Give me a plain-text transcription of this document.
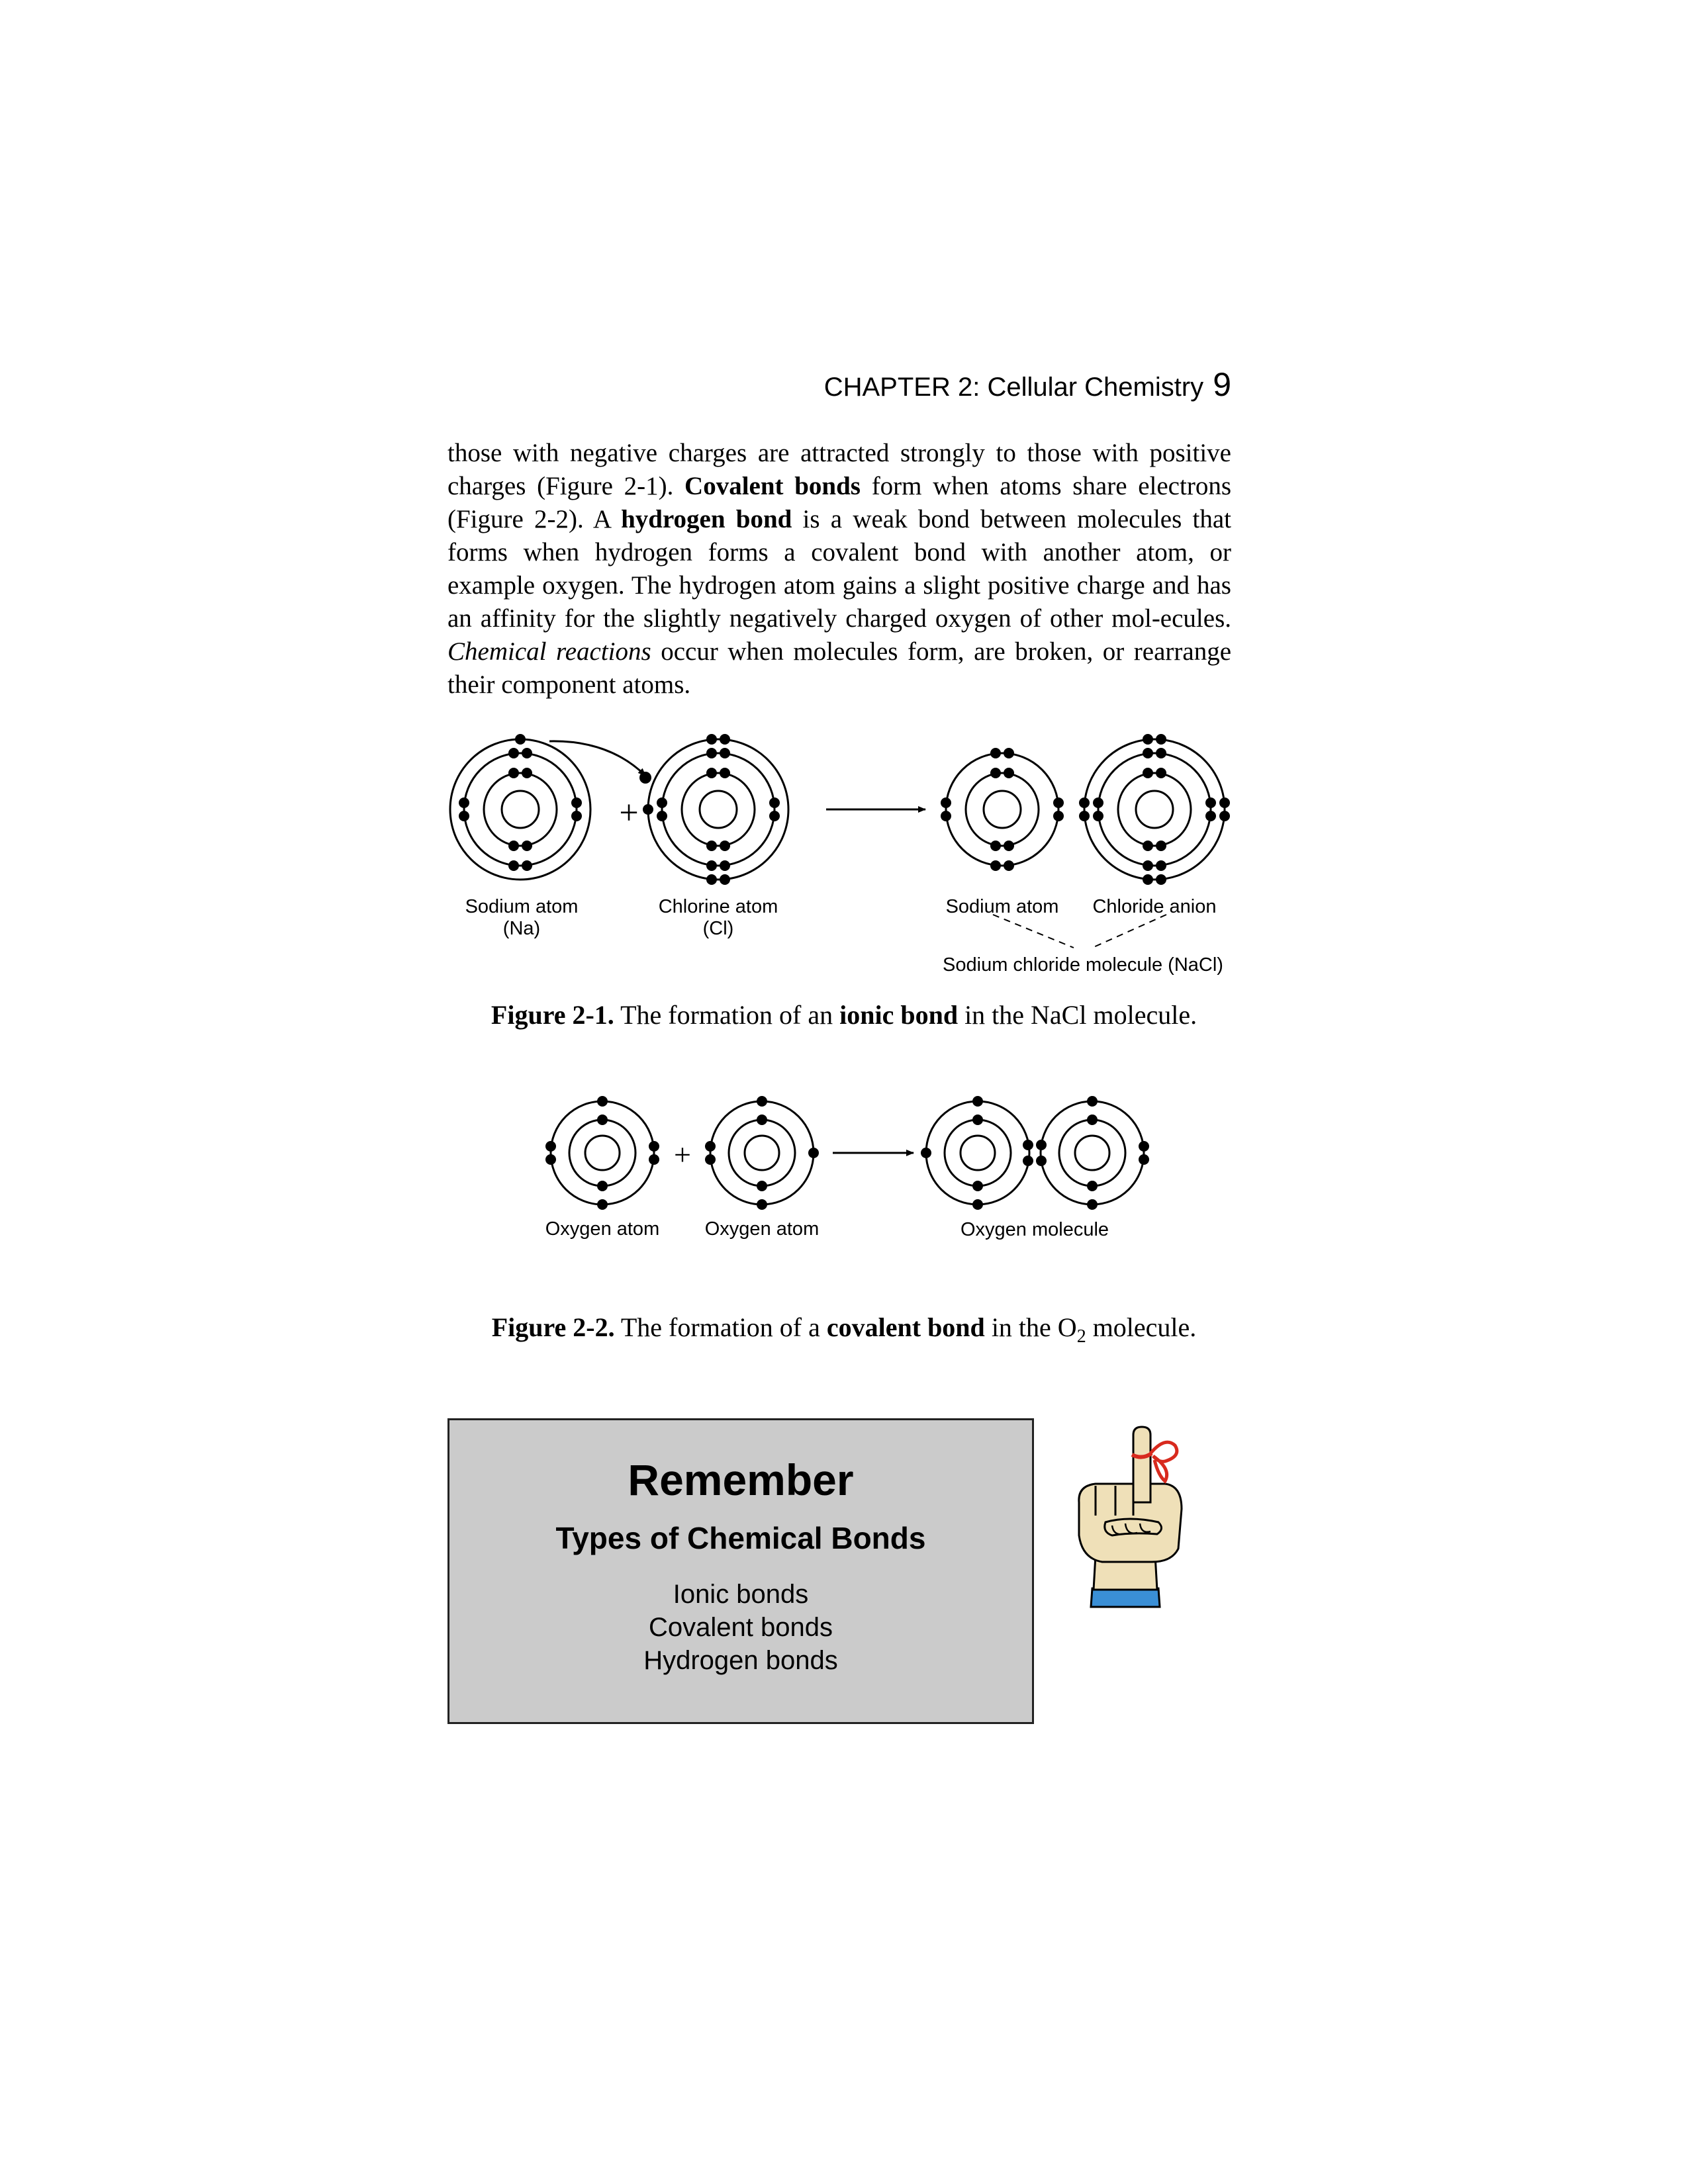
CHAPTER 2: Cellular Chemistry 9

those with negative charges are attracted strongly to those with positive charges (Figure 2-1). Covalent bonds form when atoms share electrons (Figure 2-2). A hydrogen bond is a weak bond between molecules that forms when hydrogen forms a covalent bond with another atom, or example oxygen. The hydrogen atom gains a slight positive charge and has an affinity for the slightly negatively charged oxygen of other mol-ecules. Chemical reactions occur when molecules form, are broken, or rearrange their component atoms.

+
Sodium atom
(Na)
Chlorine atom
(Cl)
Sodium atom Chloride anion
Sodium chloride molecule (NaCl)
Figure 2-1. The formation of an ionic bond in the NaCl molecule.
+
Oxygen atom Oxygen atom	Oxygen molecule
Figure 2-2. The formation of a covalent bond in the $O_2$ molecule.
Remember
Types of Chemical Bonds
Ionic bonds
Covalent bonds
Hydrogen bonds
